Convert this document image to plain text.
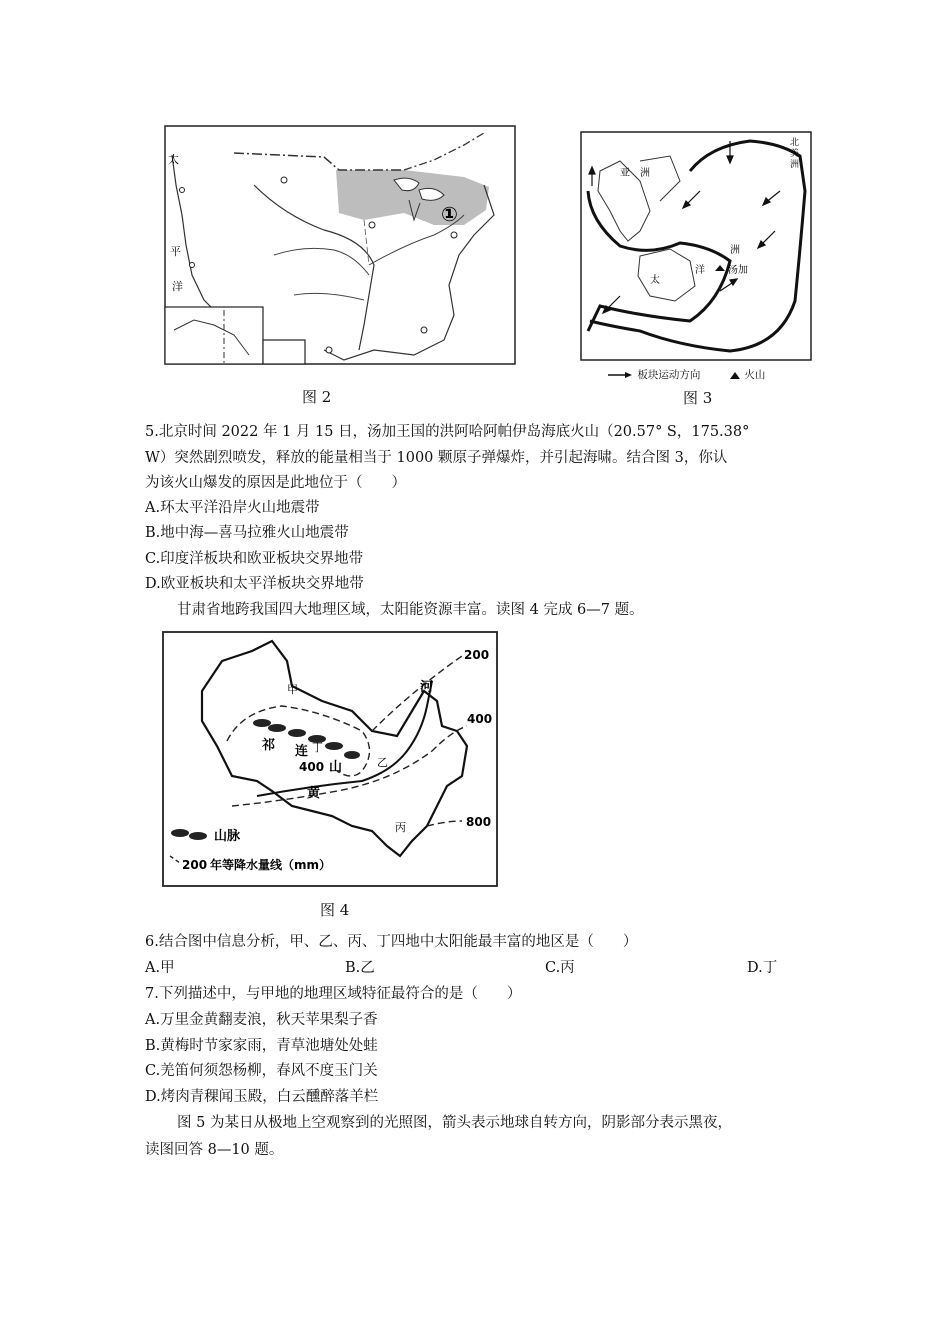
太
平
洋
①
图 2
亚　洲
北
美
洲
洲
洋
太
汤加
板块运动方向	火山
图 3
5.北京时间 2022 年 1 月 15 日，汤加王国的洪阿哈阿帕伊岛海底火山（20.57° S，175.38°
W）突然剧烈喷发，释放的能量相当于 1000 颗原子弹爆炸，并引起海啸。结合图 3，你认
为该火山爆发的原因是此地位于（　　）
A.环太平洋沿岸火山地震带
B.地中海—喜马拉雅火山地震带
C.印度洋板块和欧亚板块交界地带
D.欧亚板块和太平洋板块交界地带
甘肃省地跨我国四大地理区域，太阳能资源丰富。读图 4 完成 6—7 题。
山脉
200 年等降水量线（mm）
甲
乙
丙
丁
祁 连
400 山
河
黄
200
400
800
图 4
6.结合图中信息分析，甲、乙、丙、丁四地中太阳能最丰富的地区是（　　）
A.甲	B.乙	C.丙	D.丁
7.下列描述中，与甲地的地理区域特征最符合的是（　　）
A.万里金黄翻麦浪，秋天苹果梨子香
B.黄梅时节家家雨，青草池塘处处蛙
C.羌笛何须怨杨柳，春风不度玉门关
D.烤肉青稞闻玉殿，白云醺醉落羊栏
图 5 为某日从极地上空观察到的光照图，箭头表示地球自转方向，阴影部分表示黑夜，
读图回答 8—10 题。
